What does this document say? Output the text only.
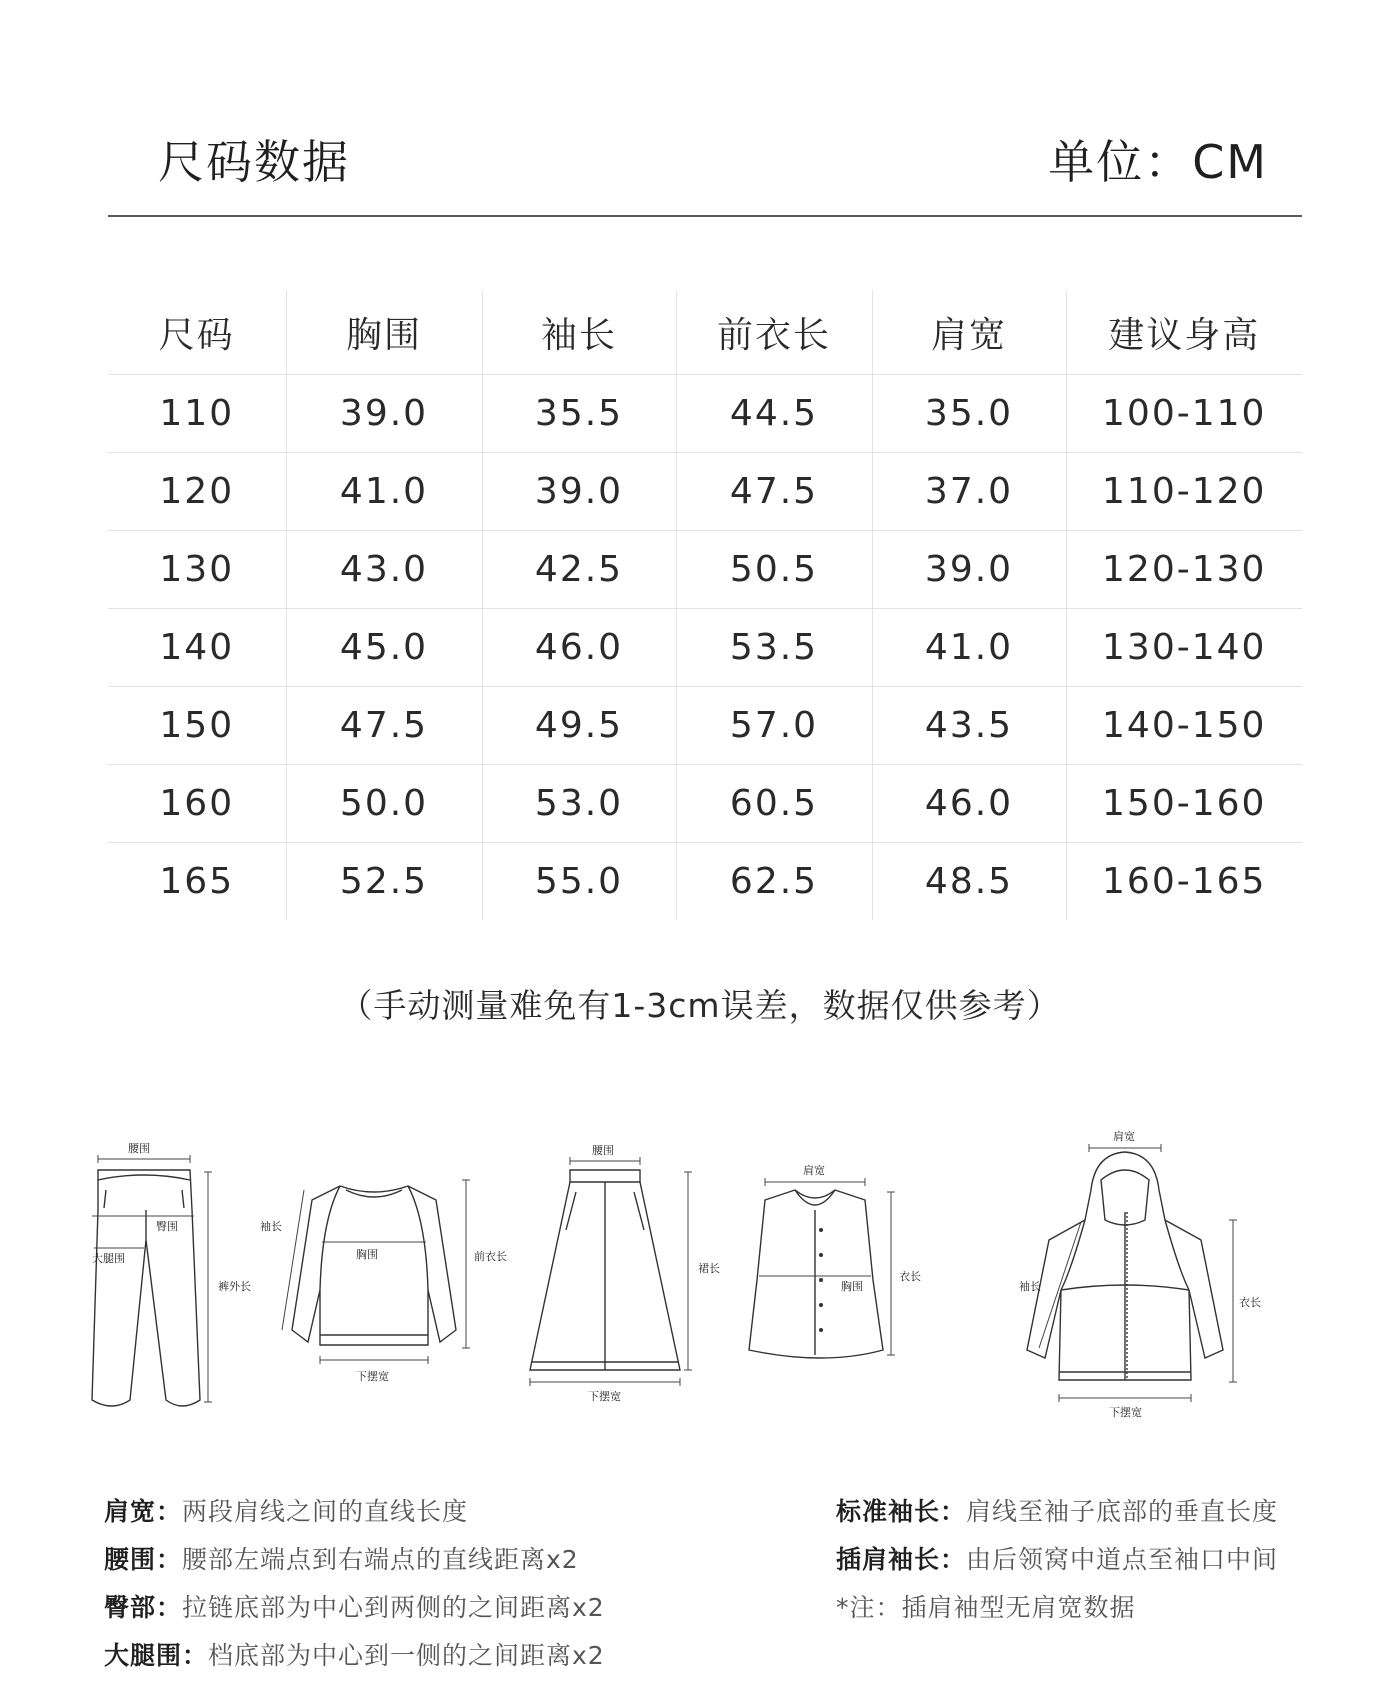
尺码数据	单位：CM
尺码	胸围	袖长	前衣长	肩宽	建议身高
110	39.0	35.5	44.5	35.0	100-110
120	41.0	39.0	47.5	37.0	110-120
130	43.0	42.5	50.5	39.0	120-130
140	45.0	46.0	53.5	41.0	130-140
150	47.5	49.5	57.0	43.5	140-150
160	50.0	53.0	60.5	46.0	150-160
165	52.5	55.0	62.5	48.5	160-165
（手动测量难免有1-3cm误差，数据仅供参考）
腰围
臀围
大腿围
裤外长
袖长
胸围
下摆宽
前衣长
腰围
下摆宽
裙长
肩宽
胸围
衣长
肩宽
袖长
下摆宽
衣长
肩宽：两段肩线之间的直线长度
腰围：腰部左端点到右端点的直线距离x2
臀部：拉链底部为中心到两侧的之间距离x2
大腿围：档底部为中心到一侧的之间距离x2
标准袖长：肩线至袖子底部的垂直长度
插肩袖长：由后领窝中道点至袖口中间
*注：插肩袖型无肩宽数据
